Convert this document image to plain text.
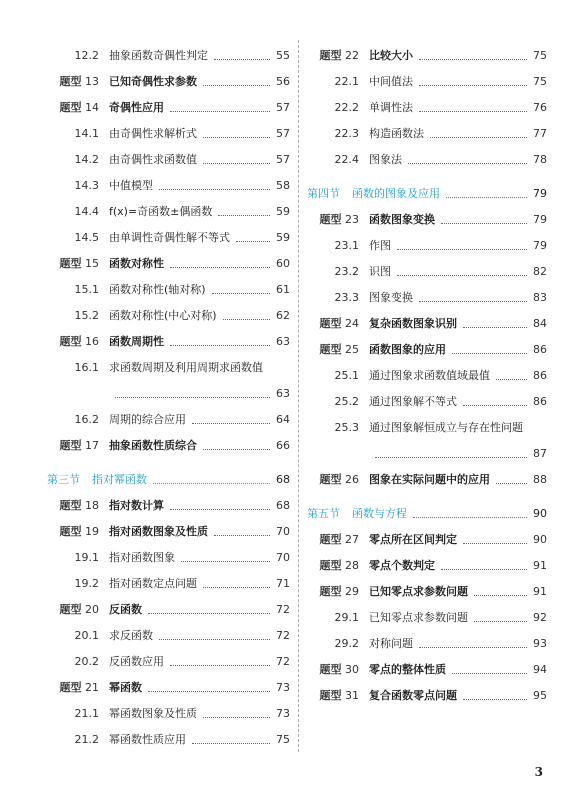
12.2 抽象函数奇偶性判定	55
题型 13 已知奇偶性求参数	56
题型 14 奇偶性应用	57
14.1 由奇偶性求解析式	57
14.2 由奇偶性求函数值	57
14.3 中值模型	58
14.4 f(x)=奇函数±偶函数	59
14.5 由单调性奇偶性解不等式	59
题型 15 函数对称性	60
15.1 函数对称性(轴对称)	61
15.2 函数对称性(中心对称)	62
题型 16 函数周期性	63
16.1 求函数周期及利用周期求函数值
63
16.2 周期的综合应用	64
题型 17 抽象函数性质综合	66
第三节 指对幂函数	68
题型 18 指对数计算	68
题型 19 指对函数图象及性质	70
19.1 指对函数图象	70
19.2 指对函数定点问题	71
题型 20 反函数	72
20.1 求反函数	72
20.2 反函数应用	72
题型 21 幂函数	73
21.1 幂函数图象及性质	73
21.2 幂函数性质应用	75
题型 22 比较大小	75
22.1 中间值法	75
22.2 单调性法	76
22.3 构造函数法	77
22.4 图象法	78
第四节 函数的图象及应用	79
题型 23 函数图象变换	79
23.1 作图	79
23.2 识图	82
23.3 图象变换	83
题型 24 复杂函数图象识别	84
题型 25 函数图象的应用	86
25.1 通过图象求函数值域最值	86
25.2 通过图象解不等式	86
25.3 通过图象解恒成立与存在性问题
87
题型 26 图象在实际问题中的应用	88
第五节 函数与方程	90
题型 27 零点所在区间判定	90
题型 28 零点个数判定	91
题型 29 已知零点求参数问题	91
29.1 已知零点求参数问题	92
29.2 对称问题	93
题型 30 零点的整体性质	94
题型 31 复合函数零点问题	95
3
